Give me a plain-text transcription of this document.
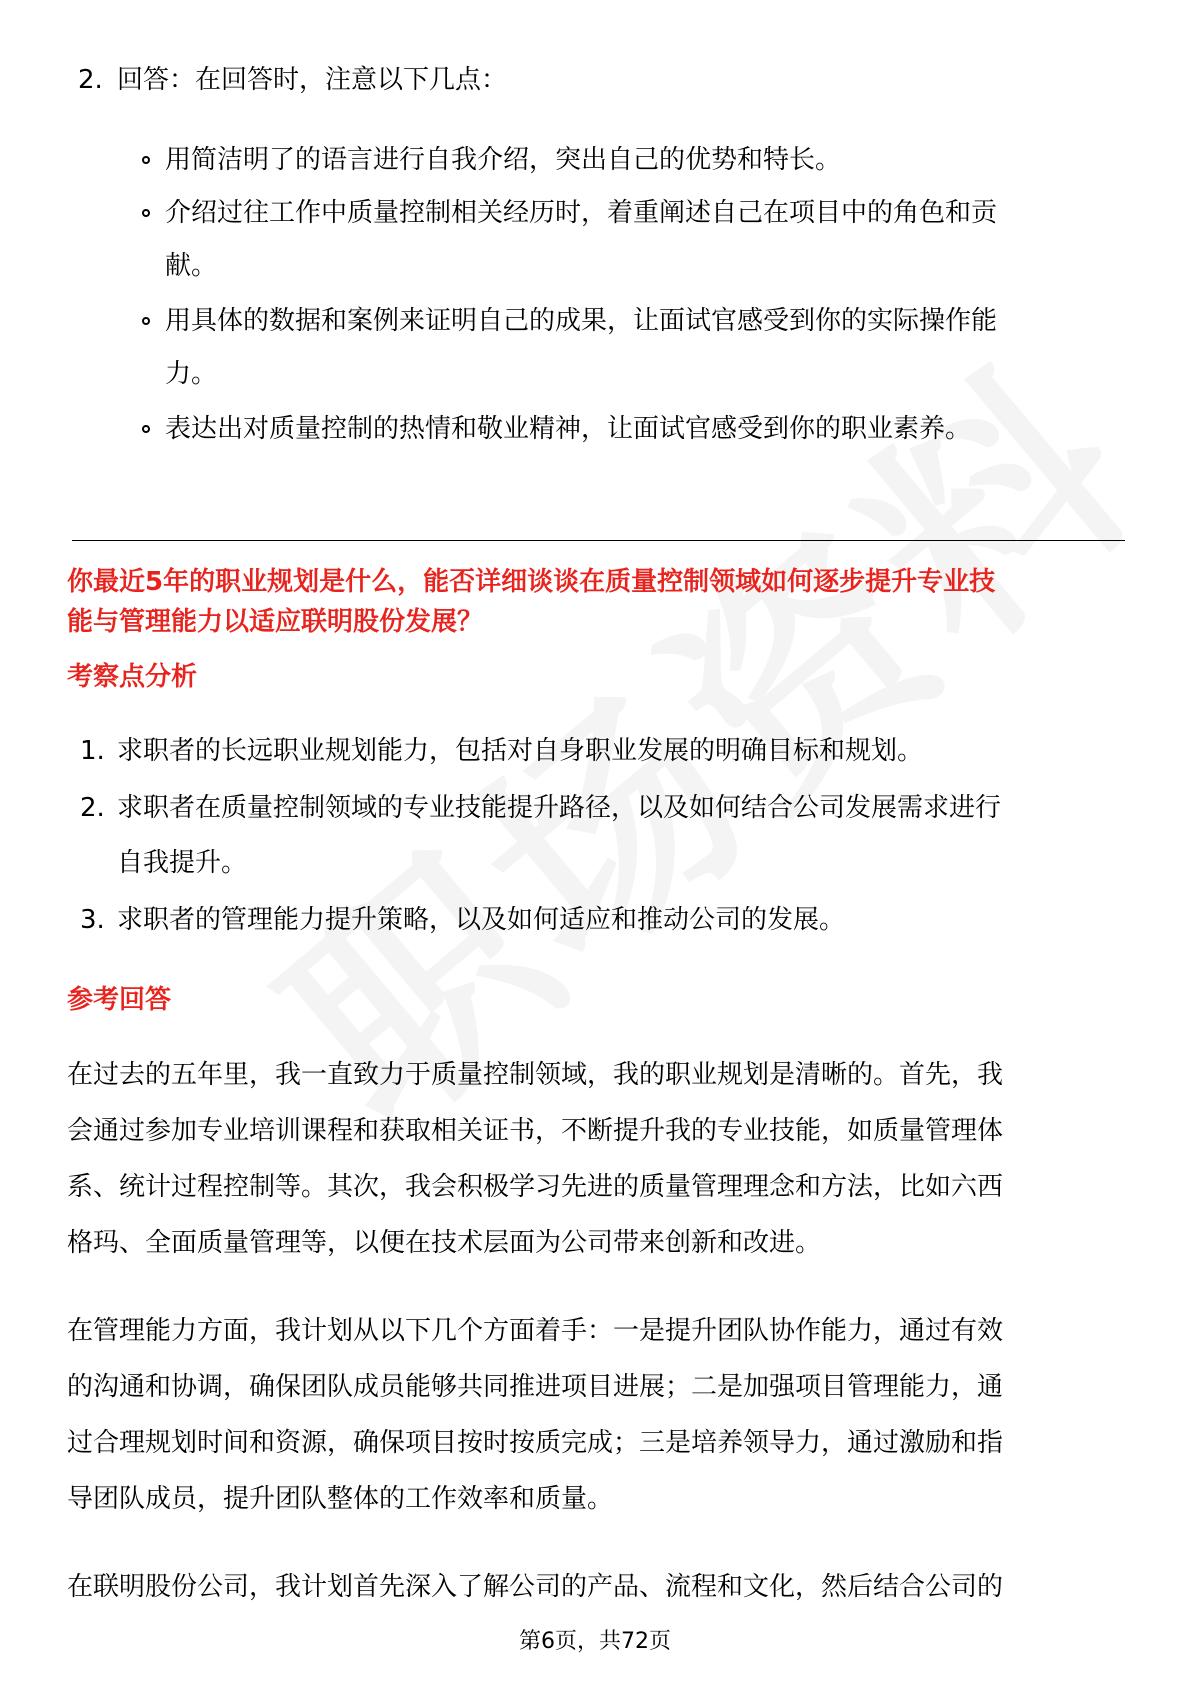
2. 回答：在回答时，注意以下几点：
用简洁明了的语言进行自我介绍，突出自己的优势和特长。
介绍过往工作中质量控制相关经历时，着重阐述自己在项目中的角色和贡
献。
用具体的数据和案例来证明自己的成果，让面试官感受到你的实际操作能
力。
表达出对质量控制的热情和敬业精神，让面试官感受到你的职业素养。
你最近5年的职业规划是什么，能否详细谈谈在质量控制领域如何逐步提升专业技
能与管理能力以适应联明股份发展？
考察点分析
1. 求职者的长远职业规划能力，包括对自身职业发展的明确目标和规划。
2. 求职者在质量控制领域的专业技能提升路径，以及如何结合公司发展需求进行
自我提升。
3. 求职者的管理能力提升策略，以及如何适应和推动公司的发展。
参考回答
在过去的五年里，我一直致力于质量控制领域，我的职业规划是清晰的。首先，我
会通过参加专业培训课程和获取相关证书，不断提升我的专业技能，如质量管理体
系、统计过程控制等。其次，我会积极学习先进的质量管理理念和方法，比如六西
格玛、全面质量管理等，以便在技术层面为公司带来创新和改进。
在管理能力方面，我计划从以下几个方面着手：一是提升团队协作能力，通过有效
的沟通和协调，确保团队成员能够共同推进项目进展；二是加强项目管理能力，通
过合理规划时间和资源，确保项目按时按质完成；三是培养领导力，通过激励和指
导团队成员，提升团队整体的工作效率和质量。
在联明股份公司，我计划首先深入了解公司的产品、流程和文化，然后结合公司的
第6页，共72页
